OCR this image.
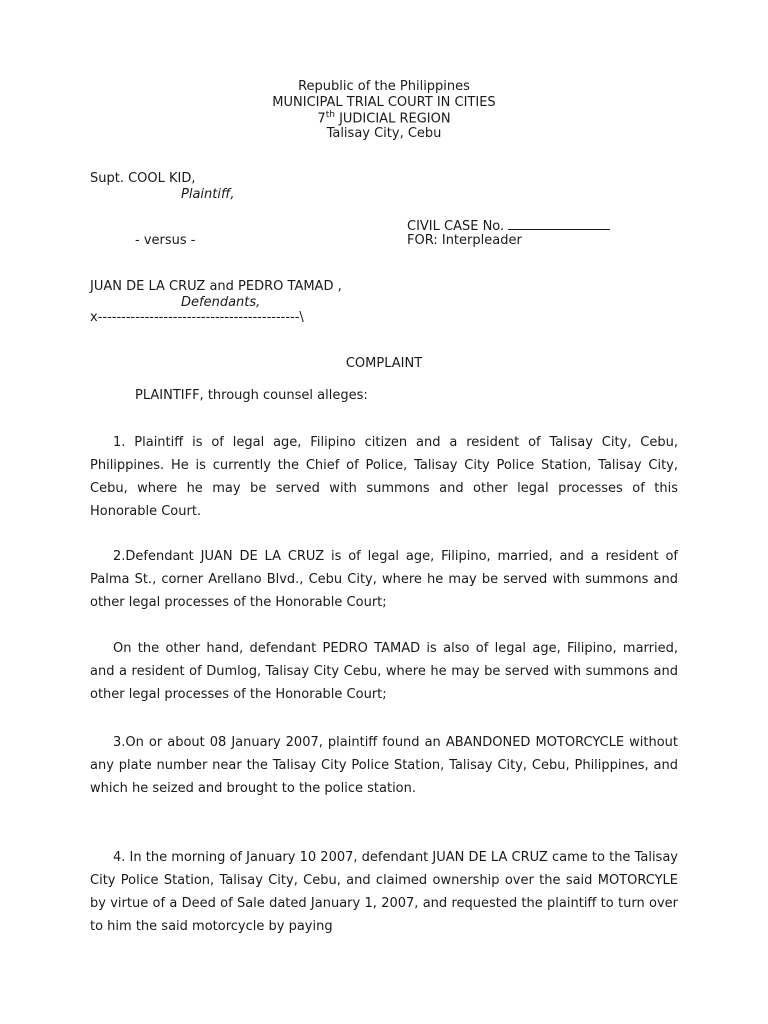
Republic of the Philippines
MUNICIPAL TRIAL COURT IN CITIES
7th JUDICIAL REGION
Talisay City, Cebu
Supt. COOL KID,
Plaintiff,
CIVIL CASE No.
- versus -	FOR: Interpleader
JUAN DE LA CRUZ and PEDRO TAMAD ,
Defendants,
x-------------------------------------------\
COMPLAINT
PLAINTIFF, through counsel alleges:
1. Plaintiff is of legal age, Filipino citizen and a resident of Talisay City, Cebu, Philippines. He is currently the Chief of Police, Talisay City Police Station, Talisay City, Cebu, where he may be served with summons and other legal processes of this Honorable Court.
2.Defendant JUAN DE LA CRUZ is of legal age, Filipino, married, and a resident of Palma St., corner Arellano Blvd., Cebu City, where he may be served with summons and other legal processes of the Honorable Court;
On the other hand, defendant PEDRO TAMAD is also of legal age, Filipino, married, and a resident of Dumlog, Talisay City Cebu, where he may be served with summons and other legal processes of the Honorable Court;
3.On or about 08 January 2007, plaintiff found an ABANDONED MOTORCYCLE without any plate number near the Talisay City Police Station, Talisay City, Cebu, Philippines, and which he seized and brought to the police station.
4. In the morning of January 10 2007, defendant JUAN DE LA CRUZ came to the Talisay City Police Station, Talisay City, Cebu, and claimed ownership over the said MOTORCYLE by virtue of a Deed of Sale dated January 1, 2007, and requested the plaintiff to turn over to him the said motorcycle by paying
